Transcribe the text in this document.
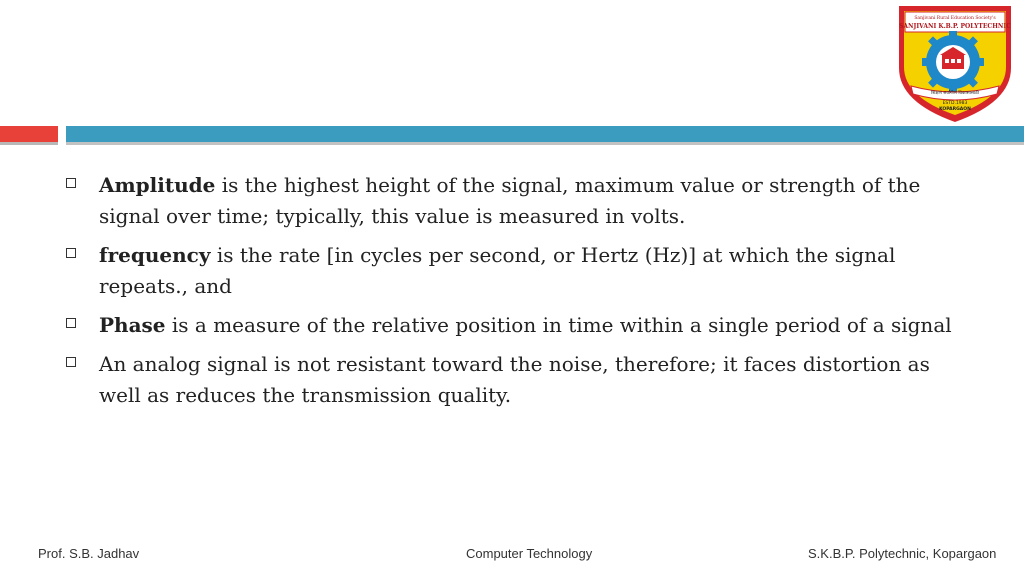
Sanjivani Rural Education Society's
SANJIVANI K.B.P. POLYTECHNIC
शिक्षण सर्वांगीण विकासासाठी
ESTD.1983
KOPARGAON
Amplitude is the highest height of the signal, maximum value or strength of the signal over time; typically, this value is measured in volts.
frequency is the rate [in cycles per second, or Hertz (Hz)] at which the signal repeats., and
Phase is a measure of the relative position in time within a single period of a signal
An analog signal is not resistant toward the noise, therefore; it faces distortion as well as reduces the transmission quality.
Prof. S.B. Jadhav	Computer Technology	S.K.B.P. Polytechnic, Kopargaon
